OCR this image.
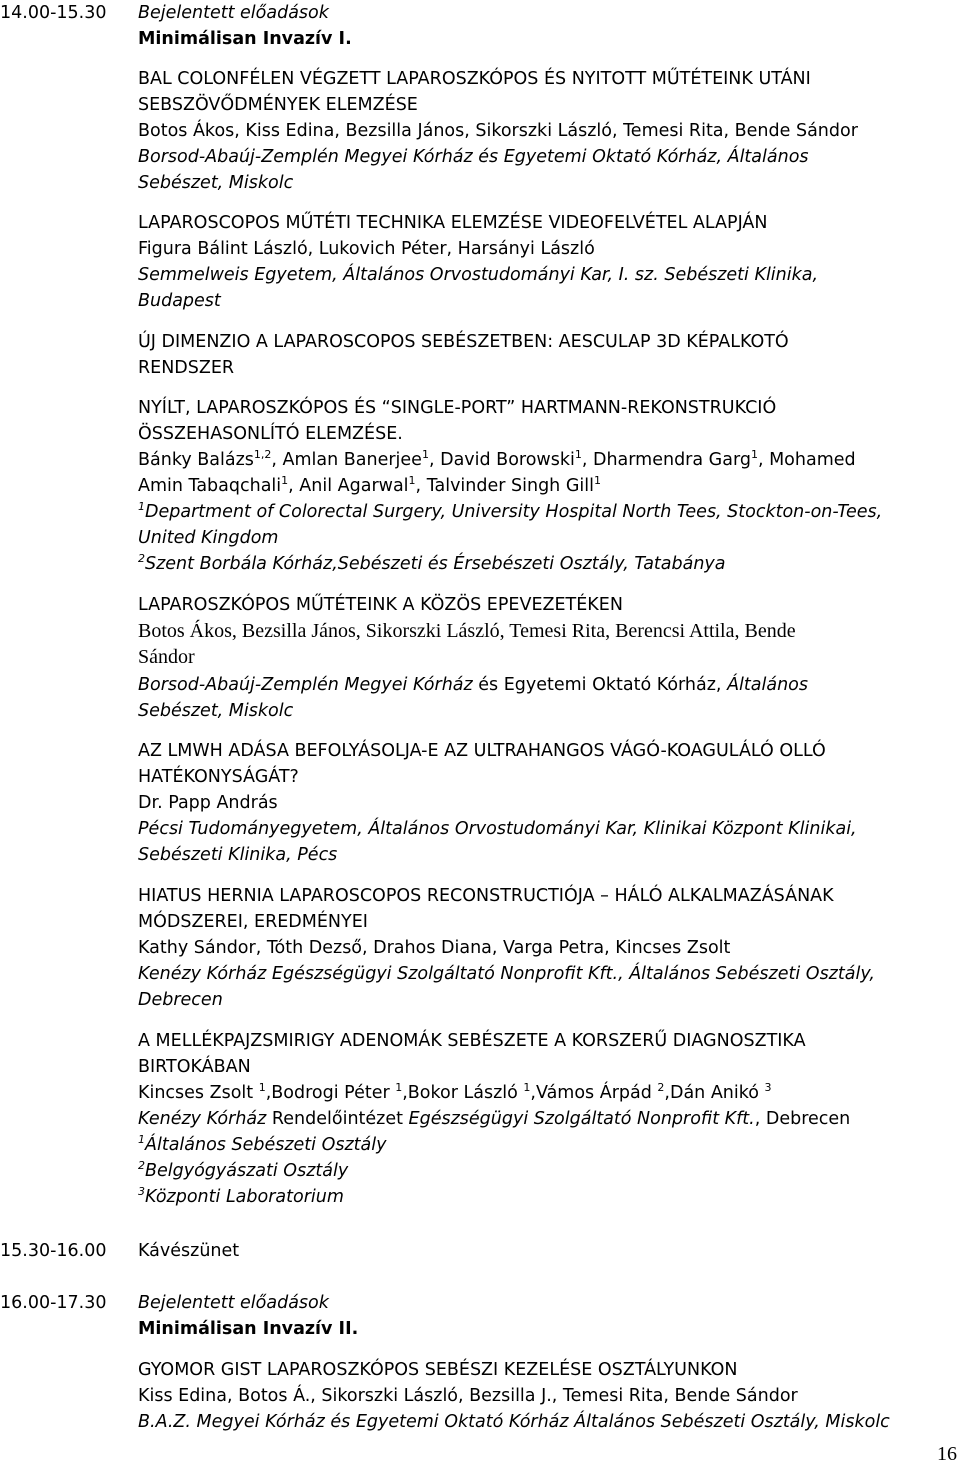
14.00-15.30 Bejelentett előadások
Minimálisan Invazív I.
BAL COLONFÉLEN VÉGZETT LAPAROSZKÓPOS ÉS NYITOTT MŰTÉTEINK UTÁNI
SEBSZÖVŐDMÉNYEK ELEMZÉSE
Botos Ákos, Kiss Edina, Bezsilla János, Sikorszki László, Temesi Rita, Bende Sándor
Borsod-Abaúj-Zemplén Megyei Kórház és Egyetemi Oktató Kórház, Általános
Sebészet, Miskolc
LAPAROSCOPOS MŰTÉTI TECHNIKA ELEMZÉSE VIDEOFELVÉTEL ALAPJÁN
Figura Bálint László, Lukovich Péter, Harsányi László
Semmelweis Egyetem, Általános Orvostudományi Kar, I. sz. Sebészeti Klinika,
Budapest
ÚJ DIMENZIO A LAPAROSCOPOS SEBÉSZETBEN: AESCULAP 3D KÉPALKOTÓ
RENDSZER
NYÍLT, LAPAROSZKÓPOS ÉS “SINGLE-PORT” HARTMANN-REKONSTRUKCIÓ
ÖSSZEHASONLÍTÓ ELEMZÉSE.
Bánky Balázs$^{1,2}$, Amlan Banerjee$^1$, David Borowski$^1$, Dharmendra Garg$^1$, Mohamed
Amin Tabaqchali$^1$, Anil Agarwal$^1$, Talvinder Singh Gill$^1$
$^1$Department of Colorectal Surgery, University Hospital North Tees, Stockton-on-Tees,
United Kingdom
$^2$Szent Borbála Kórház,Sebészeti és Érsebészeti Osztály, Tatabánya
LAPAROSZKÓPOS MŰTÉTEINK A KÖZÖS EPEVEZETÉKEN
Botos Ákos, Bezsilla János, Sikorszki László, Temesi Rita, Berencsi Attila, Bende
Sándor
Borsod-Abaúj-Zemplén Megyei Kórház és Egyetemi Oktató Kórház, Általános
Sebészet, Miskolc
AZ LMWH ADÁSA BEFOLYÁSOLJA-E AZ ULTRAHANGOS VÁGÓ-KOAGULÁLÓ OLLÓ
HATÉKONYSÁGÁT?
Dr. Papp András
Pécsi Tudományegyetem, Általános Orvostudományi Kar, Klinikai Központ Klinikai,
Sebészeti Klinika, Pécs
HIATUS HERNIA LAPAROSCOPOS RECONSTRUCTIÓJA – HÁLÓ ALKALMAZÁSÁNAK
MÓDSZEREI, EREDMÉNYEI
Kathy Sándor, Tóth Dezső, Drahos Diana, Varga Petra, Kincses Zsolt
Kenézy Kórház Egészségügyi Szolgáltató Nonprofit Kft., Általános Sebészeti Osztály,
Debrecen
A MELLÉKPAJZSMIRIGY ADENOMÁK SEBÉSZETE A KORSZERŰ DIAGNOSZTIKA
BIRTOKÁBAN
Kincses Zsolt $^1$,Bodrogi Péter $^1$,Bokor László $^1$,Vámos Árpád $^2$,Dán Anikó $^3$
Kenézy Kórház Rendelőintézet Egészségügyi Szolgáltató Nonprofit Kft., Debrecen
$^1$Általános Sebészeti Osztály
$^2$Belgyógyászati Osztály
$^3$Központi Laboratorium
15.30-16.00 Kávészünet
16.00-17.30 Bejelentett előadások
Minimálisan Invazív II.
GYOMOR GIST LAPAROSZKÓPOS SEBÉSZI KEZELÉSE OSZTÁLYUNKON
Kiss Edina, Botos Á., Sikorszki László, Bezsilla J., Temesi Rita, Bende Sándor
B.A.Z. Megyei Kórház és Egyetemi Oktató Kórház Általános Sebészeti Osztály, Miskolc
16
